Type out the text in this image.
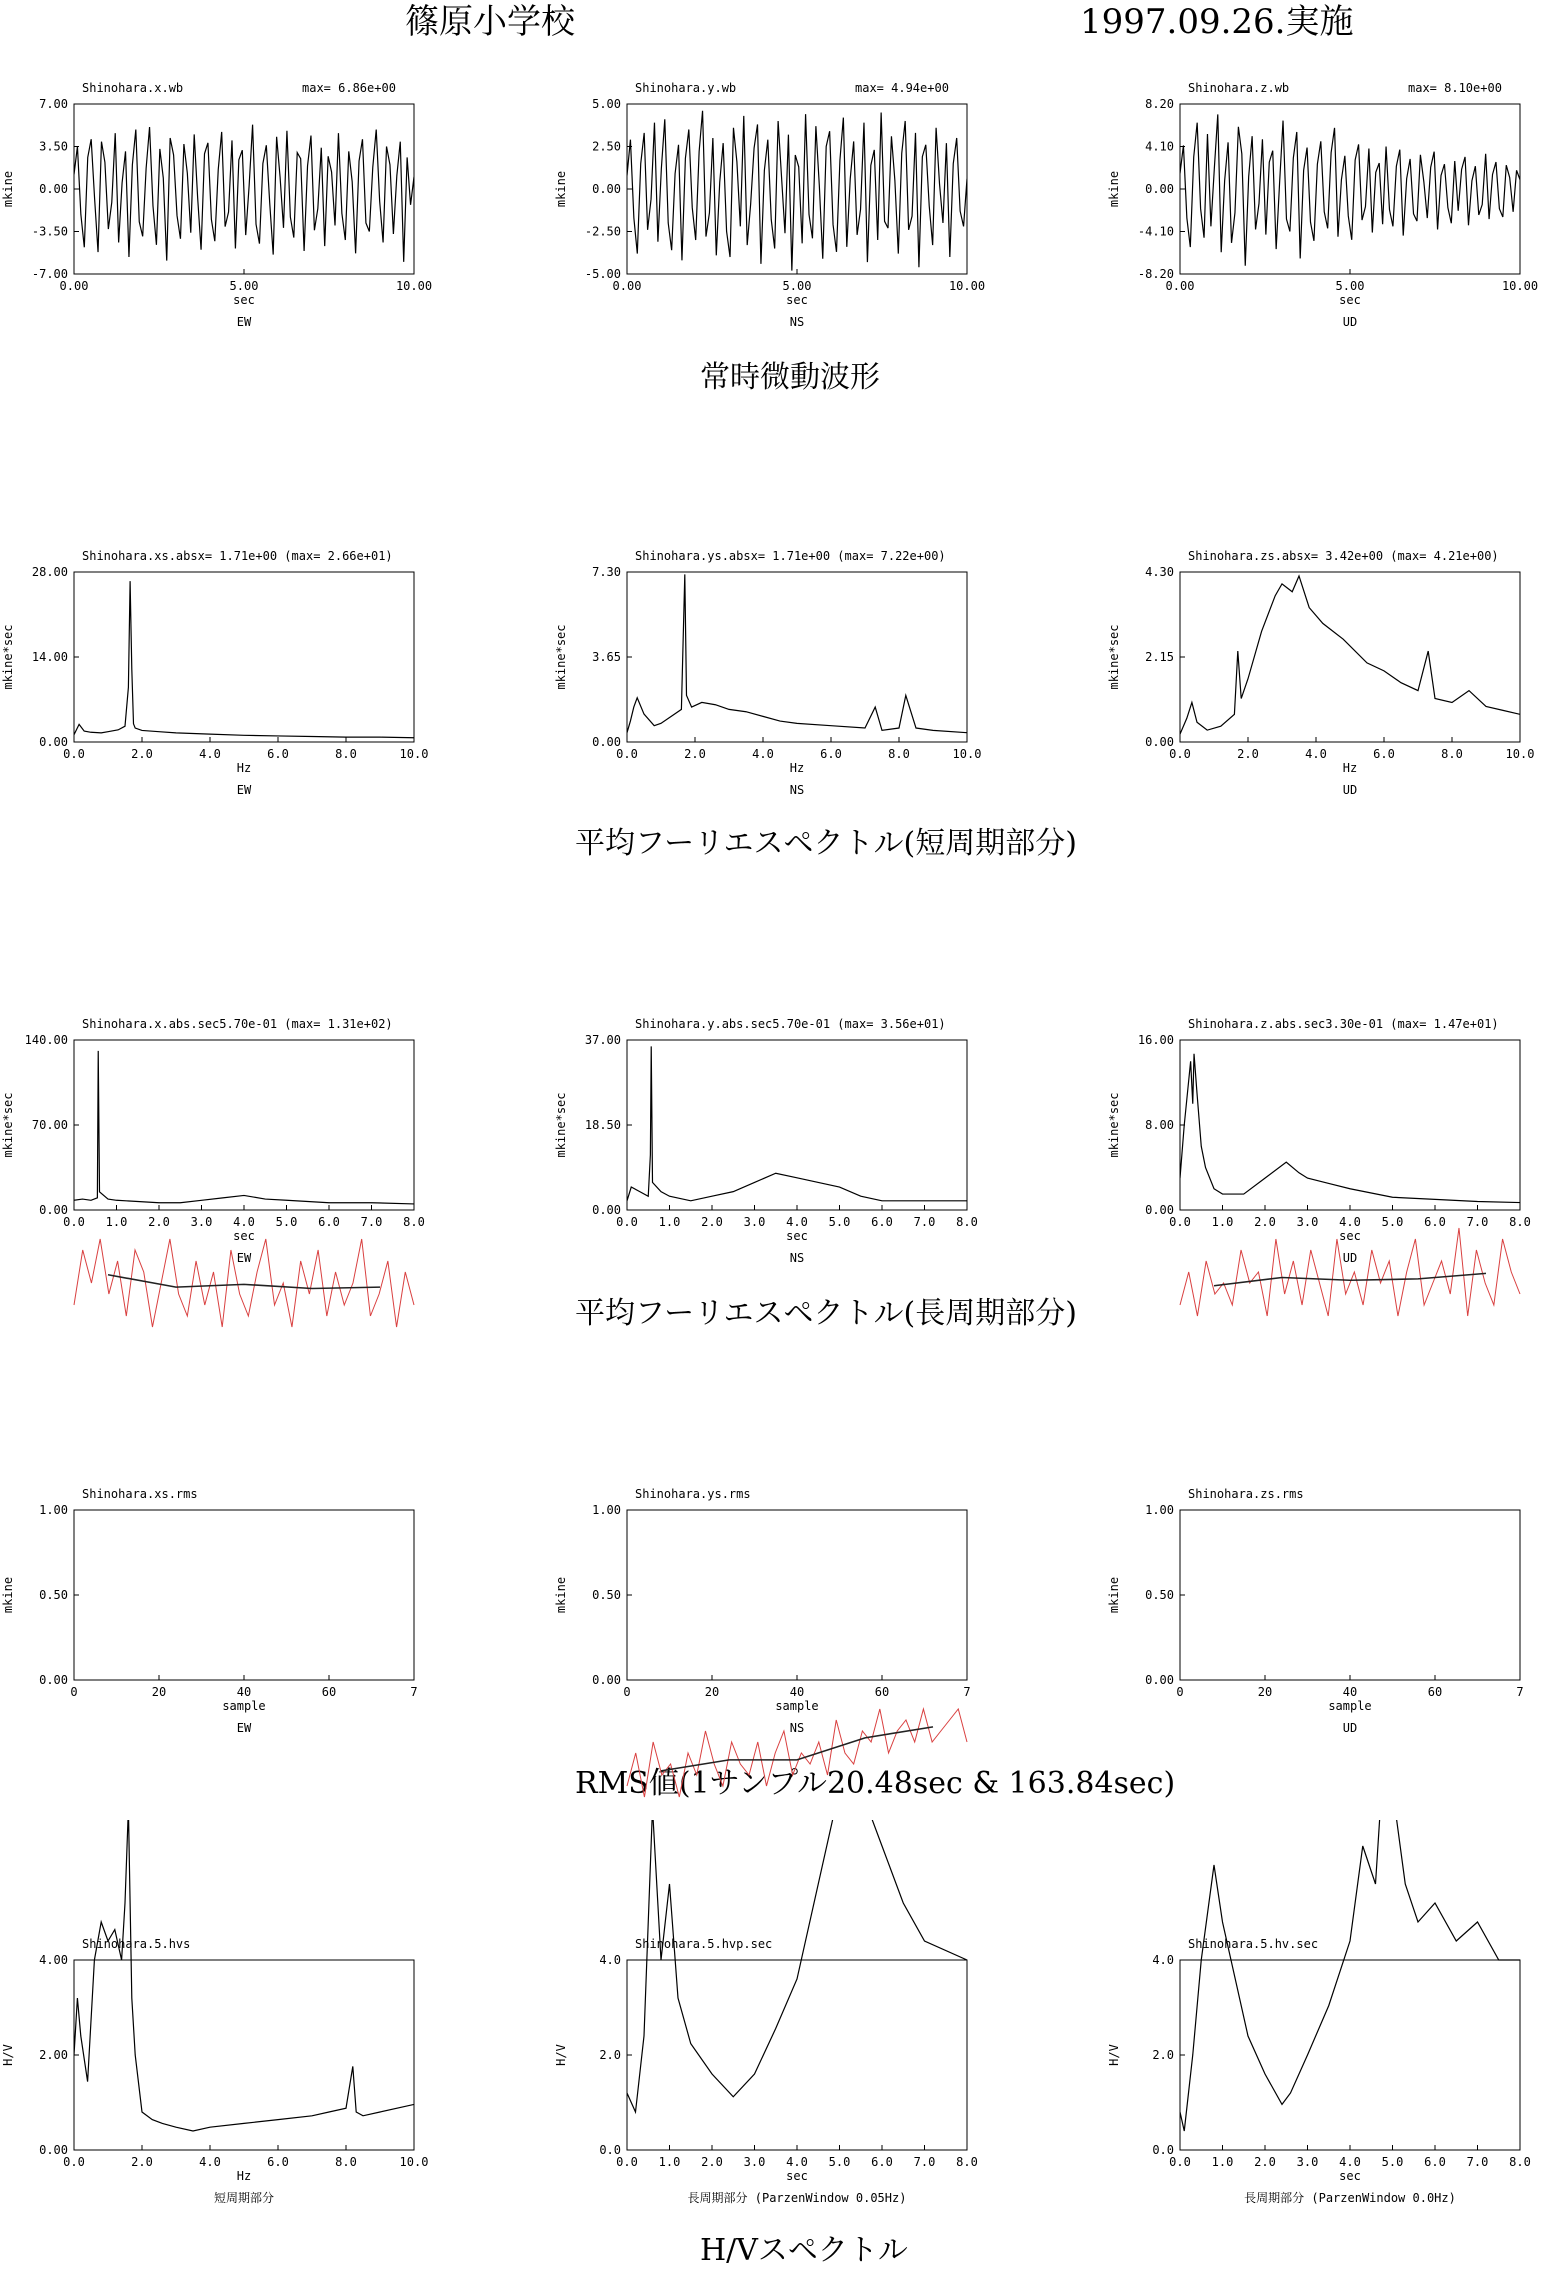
篠原小学校	1997.09.26.実施
常時微動波形
平均フーリエスペクトル(短周期部分)
平均フーリエスペクトル(長周期部分)
RMS値(1サンプル20.48sec & 163.84sec)
H/Vスペクトル
Shinohara.x.wb	max= 6.86e+00
7.00
3.50
0.00
-3.50
-7.00
0.00	5.00	10.00
sec
mkine
EW
Shinohara.y.wb	max= 4.94e+00
5.00
2.50
0.00
-2.50
-5.00
0.00	5.00	10.00
sec
mkine
NS
Shinohara.z.wb	max= 8.10e+00
8.20
4.10
0.00
-4.10
-8.20
0.00	5.00	10.00
sec
mkine
UD
Shinohara.xs.absx= 1.71e+00 (max= 2.66e+01)
28.00
14.00
0.00
0.0	2.0	4.0	6.0	8.0	10.0
Hz
mkine*sec
EW
Shinohara.ys.absx= 1.71e+00 (max= 7.22e+00)
7.30
3.65
0.00
0.0	2.0	4.0	6.0	8.0	10.0
Hz
mkine*sec
NS
Shinohara.zs.absx= 3.42e+00 (max= 4.21e+00)
4.30
2.15
0.00
0.0	2.0	4.0	6.0	8.0	10.0
Hz
mkine*sec
UD
Shinohara.x.abs.sec5.70e-01 (max= 1.31e+02)
140.00
70.00
0.00
0.0 1.0 2.0 3.0 4.0 5.0 6.0 7.0 8.0
sec
mkine*sec
EW
Shinohara.y.abs.sec5.70e-01 (max= 3.56e+01)
37.00
18.50
0.00
0.0 1.0 2.0 3.0 4.0 5.0 6.0 7.0 8.0
sec
mkine*sec
NS
Shinohara.z.abs.sec3.30e-01 (max= 1.47e+01)
16.00
8.00
0.00
0.0 1.0 2.0 3.0 4.0 5.0 6.0 7.0 8.0
sec
mkine*sec
UD
Shinohara.xs.rms
1.00
0.50
0.00
0	20	40	60	7
sample
mkine
EW
Shinohara.ys.rms
1.00
0.50
0.00
0	20	40	60	7
sample
mkine
NS
Shinohara.zs.rms
1.00
0.50
0.00
0	20	40	60	7
sample
mkine
UD
Shinohara.5.hvs
4.00
2.00
0.00
0.0	2.0	4.0	6.0	8.0	10.0
Hz
H/V
短周期部分
Shinohara.5.hvp.sec
4.0
2.0
0.0
0.0 1.0 2.0 3.0 4.0 5.0 6.0 7.0 8.0
sec
H/V
長周期部分 (ParzenWindow 0.05Hz)
Shinohara.5.hv.sec
4.0
2.0
0.0
0.0 1.0 2.0 3.0 4.0 5.0 6.0 7.0 8.0
sec
H/V
長周期部分 (ParzenWindow 0.0Hz)
